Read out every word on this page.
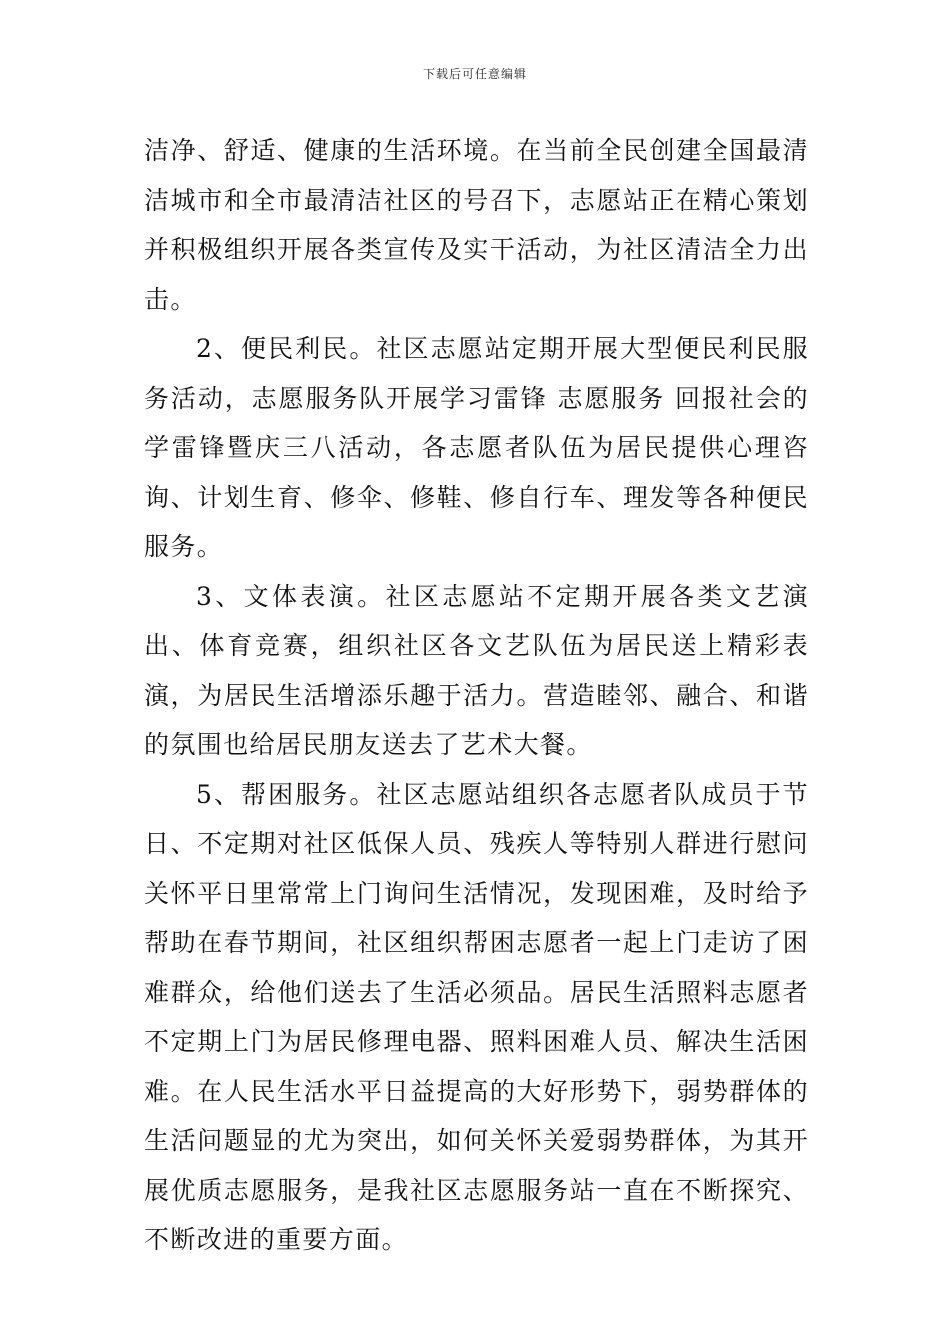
下载后可任意编辑

洁净、舒适、健康的生活环境。在当前全民创建全国最清洁城市和全市最清洁社区的号召下，志愿站正在精心策划并积极组织开展各类宣传及实干活动，为社区清洁全力出击。

2、便民利民。社区志愿站定期开展大型便民利民服务活动，志愿服务队开展学习雷锋 志愿服务 回报社会的学雷锋暨庆三八活动，各志愿者队伍为居民提供心理咨询、计划生育、修伞、修鞋、修自行车、理发等各种便民服务。

3、文体表演。社区志愿站不定期开展各类文艺演出、体育竞赛，组织社区各文艺队伍为居民送上精彩表演，为居民生活增添乐趣于活力。营造睦邻、融合、和谐的氛围也给居民朋友送去了艺术大餐。

5、帮困服务。社区志愿站组织各志愿者队成员于节日、不定期对社区低保人员、残疾人等特别人群进行慰问关怀平日里常常上门询问生活情况，发现困难，及时给予帮助在春节期间，社区组织帮困志愿者一起上门走访了困难群众，给他们送去了生活必须品。居民生活照料志愿者不定期上门为居民修理电器、照料困难人员、解决生活困难。在人民生活水平日益提高的大好形势下，弱势群体的生活问题显的尤为突出，如何关怀关爱弱势群体，为其开展优质志愿服务，是我社区志愿服务站一直在不断探究、不断改进的重要方面。
